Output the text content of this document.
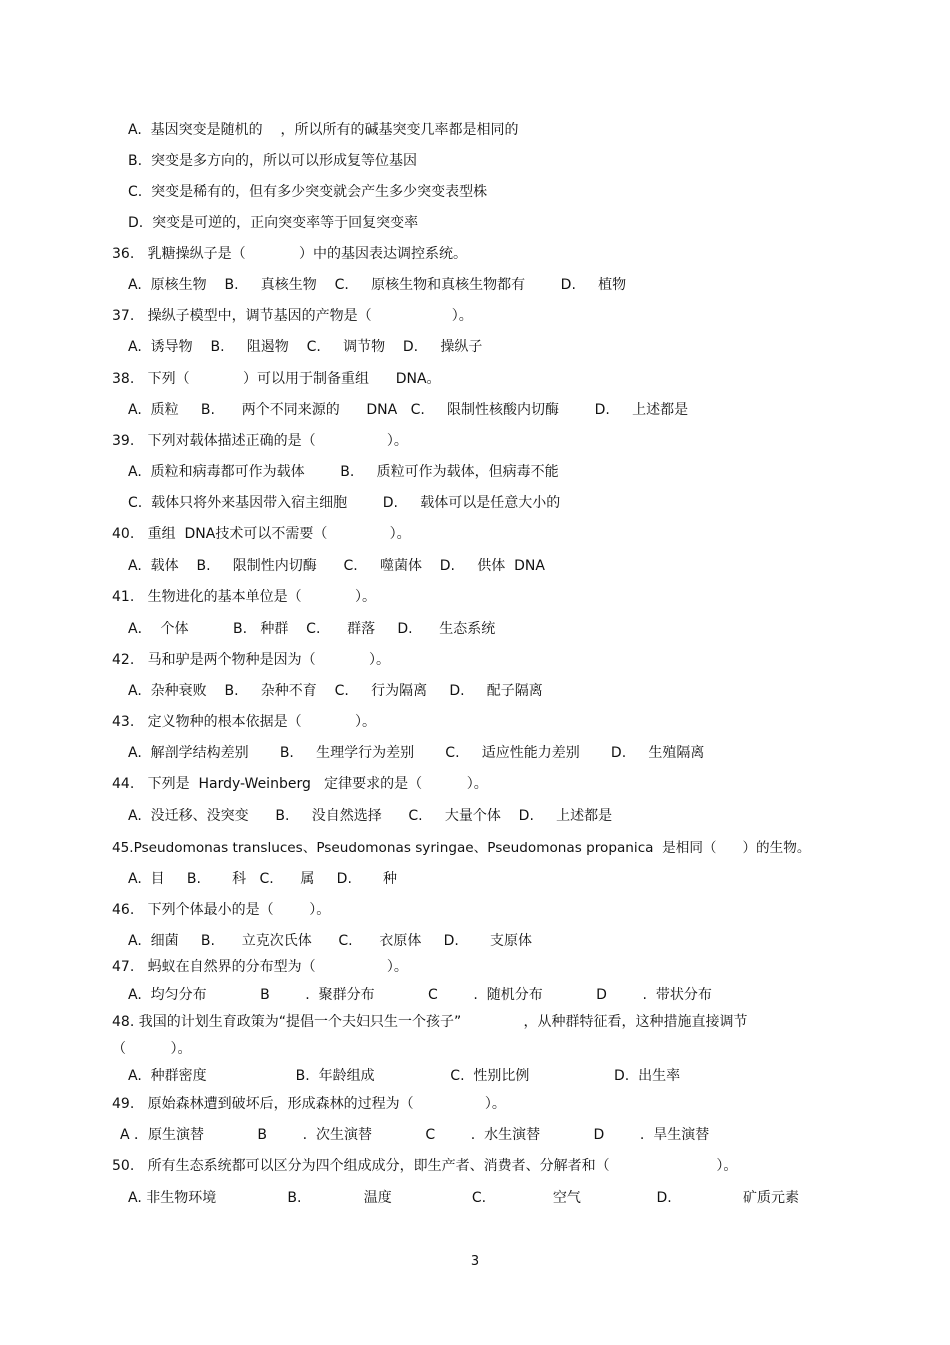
A.  基因突变是随机的    ，所以所有的碱基突变几率都是相同的
B.  突变是多方向的，所以可以形成复等位基因
C.  突变是稀有的，但有多少突变就会产生多少突变表型株
D.  突变是可逆的，正向突变率等于回复突变率
36.   乳糖操纵子是（            ）中的基因表达调控系统。
A.  原核生物    B.     真核生物    C.     原核生物和真核生物都有        D.     植物
37.   操纵子模型中，调节基因的产物是（                  ）。
A.  诱导物    B.     阻遏物    C.     调节物    D.     操纵子
38.   下列（            ）可以用于制备重组      DNA。
A.  质粒     B.      两个不同来源的      DNA   C.     限制性核酸内切酶        D.     上述都是
39.   下列对载体描述正确的是（                ）。
A.  质粒和病毒都可作为载体        B.     质粒可作为载体，但病毒不能
C.  载体只将外来基因带入宿主细胞        D.     载体可以是任意大小的
40.   重组  DNA技术可以不需要（              ）。
A.  载体    B.     限制性内切酶      C.     噬菌体    D.     供体  DNA
41.   生物进化的基本单位是（            ）。
A．  个体          B.   种群    C.      群落     D.      生态系统
42.   马和驴是两个物种是因为（            ）。
A.  杂种衰败    B.     杂种不育    C.     行为隔离     D.     配子隔离
43.   定义物种的根本依据是（            ）。
A.  解剖学结构差别       B.     生理学行为差别       C.     适应性能力差别       D.     生殖隔离
44.   下列是  Hardy-Weinberg   定律要求的是（          ）。
A.  没迁移、没突变      B.     没自然选择      C.     大量个体    D.     上述都是
45.Pseudomonas transluces、Pseudomonas syringae、Pseudomonas propanica  是相同（      ）的生物。
A.  目     B.       科   C.      属     D.       种
46.   下列个体最小的是（        ）。
A.  细菌     B.      立克次氏体      C.      衣原体     D.       支原体
47.   蚂蚁在自然界的分布型为（                ）。
A.  均匀分布            B        .  聚群分布            C        .  随机分布            D        .  带状分布
48. 我国的计划生育政策为“提倡一个夫妇只生一个孩子”              ，从种群特征看，这种措施直接调节
（          ）。
A.  种群密度                    B.  年龄组成                 C.  性别比例                   D.  出生率
49.   原始森林遭到破坏后，形成森林的过程为（                ）。
A ．原生演替            B        .  次生演替            C        .  水生演替            D        .  旱生演替
50.   所有生态系统都可以区分为四个组成成分，即生产者、消费者、分解者和（                        ）。
A. 非生物环境                B.              温度                  C.               空气                 D.                矿质元素
3
